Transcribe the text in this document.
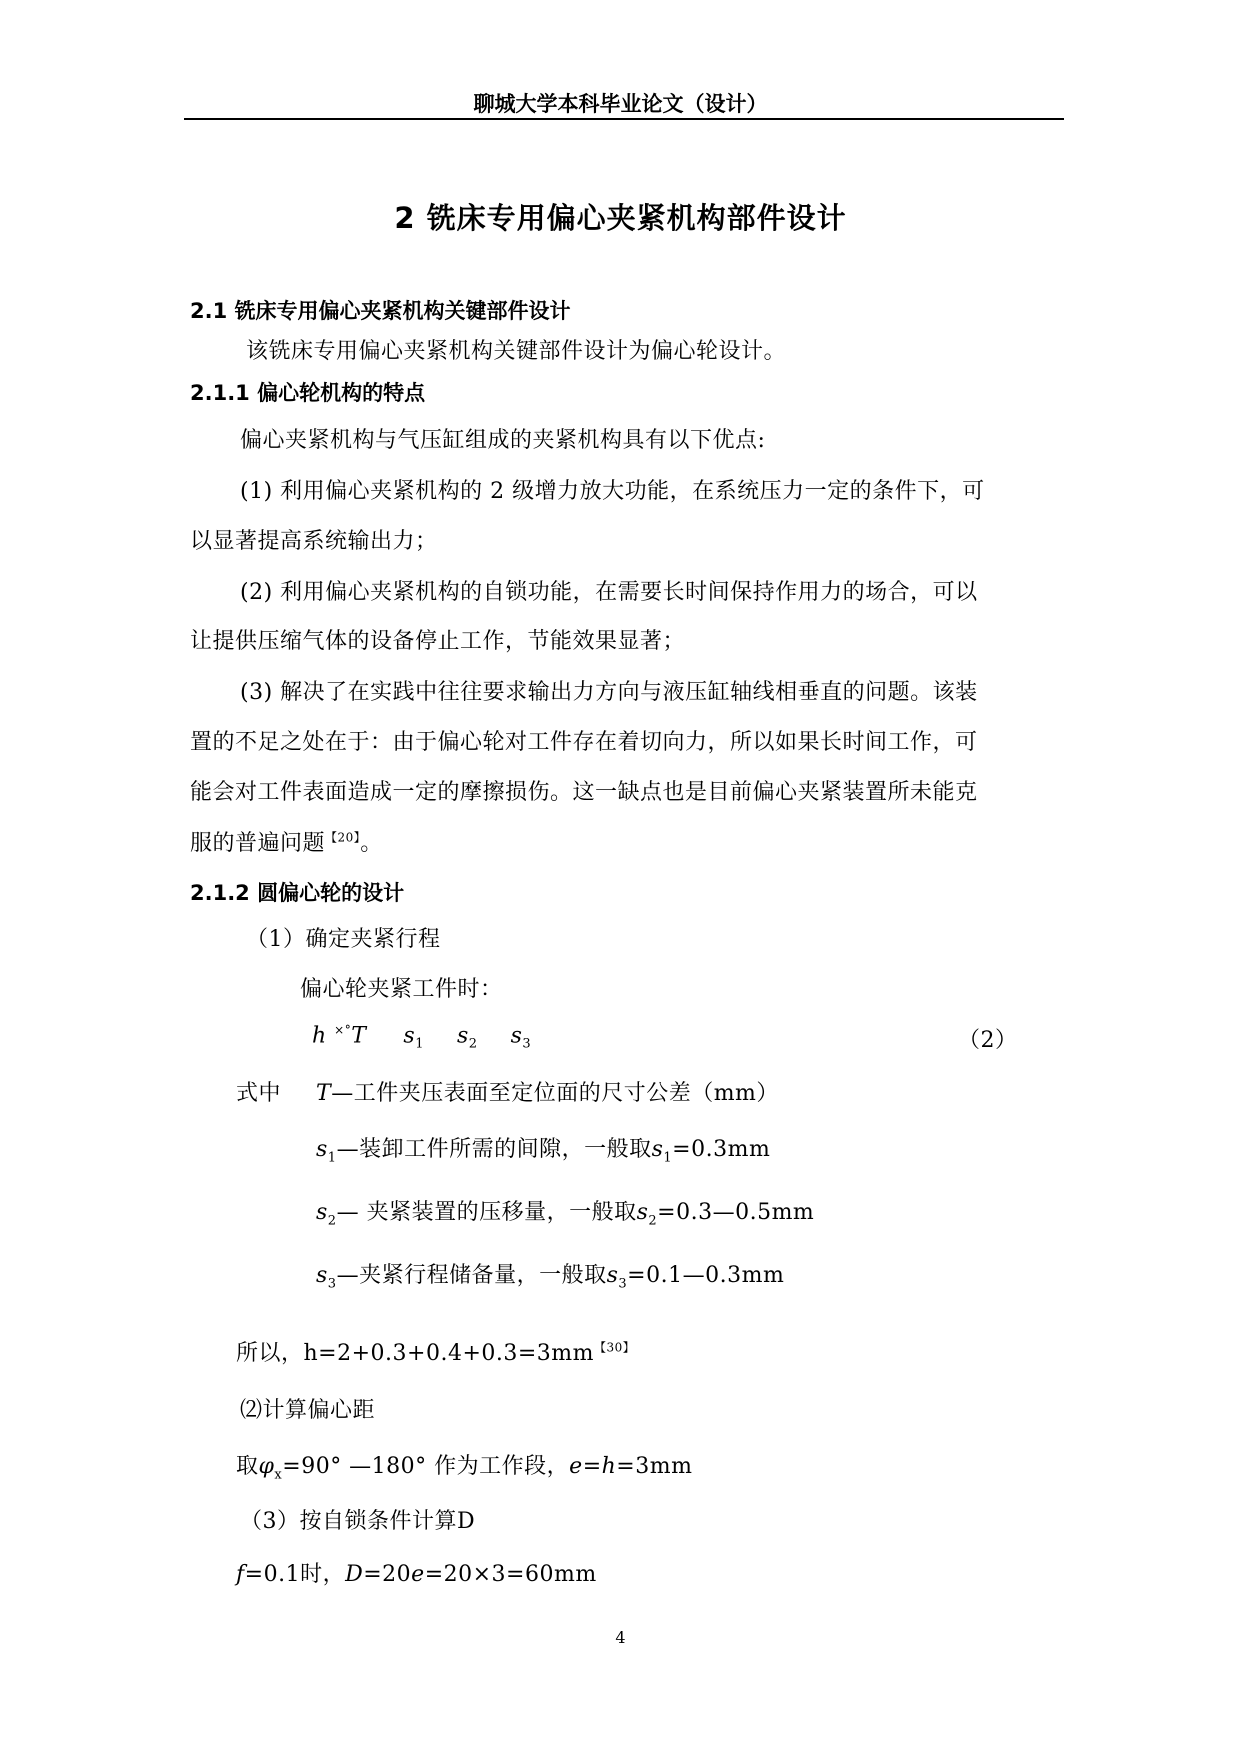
聊城大学本科毕业论文（设计）
2 铣床专用偏心夹紧机构部件设计
2.1 铣床专用偏心夹紧机构关键部件设计
该铣床专用偏心夹紧机构关键部件设计为偏心轮设计。
2.1.1 偏心轮机构的特点
偏心夹紧机构与气压缸组成的夹紧机构具有以下优点:
(1) 利用偏心夹紧机构的 2 级增力放大功能，在系统压力一定的条件下，可
以显著提高系统输出力；
(2) 利用偏心夹紧机构的自锁功能，在需要长时间保持作用力的场合，可以
让提供压缩气体的设备停止工作，节能效果显著；
(3) 解决了在实践中往往要求输出力方向与液压缸轴线相垂直的问题。该装
置的不足之处在于：由于偏心轮对工件存在着切向力，所以如果长时间工作，可
能会对工件表面造成一定的摩擦损伤。这一缺点也是目前偏心夹紧装置所未能克
服的普遍问题$^{【20】}$。
2.1.2 圆偏心轮的设计
（1）确定夹紧行程
偏心轮夹紧工件时：
h ×°T $s_1$ $s_2$ $s_3$	（2）
式中 T—工件夹压表面至定位面的尺寸公差（mm）
$s_1—$装卸工件所需的间隙，一般取$s_1=0.3mm$
$s_2—$ 夹紧装置的压移量，一般取$s_2=0.3—0.5mm$
$s_3—$夹紧行程储备量，一般取$s_3=0.1—0.3mm$
所以，$h=2+0.3+0.4+0.3=3mm^{【30】}$
⑵计算偏心距
取$\varphi_x=90^\circ$ —180° 作为工作段，e=h=3mm
（3）按自锁条件计算D
f=0.1时，D=20e=20×3=60mm
4
